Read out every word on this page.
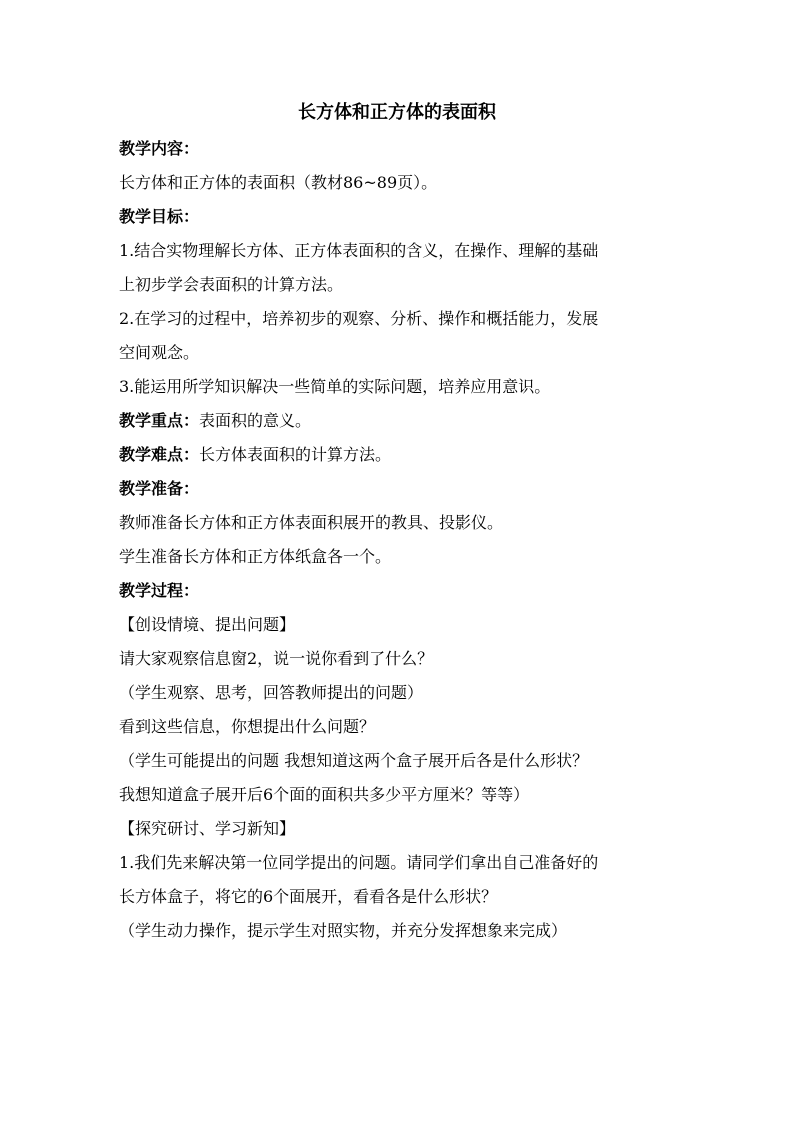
长方体和正方体的表面积
教学内容：
长方体和正方体的表面积（教材86~89页）。
教学目标：
1.结合实物理解长方体、正方体表面积的含义，在操作、理解的基础
上初步学会表面积的计算方法。
2.在学习的过程中，培养初步的观察、分析、操作和概括能力，发展
空间观念。
3.能运用所学知识解决一些简单的实际问题，培养应用意识。
教学重点：表面积的意义。
教学难点：长方体表面积的计算方法。
教学准备：
教师准备长方体和正方体表面积展开的教具、投影仪。
学生准备长方体和正方体纸盒各一个。
教学过程：
【创设情境、提出问题】
请大家观察信息窗2，说一说你看到了什么？
（学生观察、思考，回答教师提出的问题）
看到这些信息，你想提出什么问题？
（学生可能提出的问题 我想知道这两个盒子展开后各是什么形状？
我想知道盒子展开后6个面的面积共多少平方厘米？等等）
【探究研讨、学习新知】
1.我们先来解决第一位同学提出的问题。请同学们拿出自己准备好的
长方体盒子，将它的6个面展开，看看各是什么形状？
（学生动力操作，提示学生对照实物，并充分发挥想象来完成）
